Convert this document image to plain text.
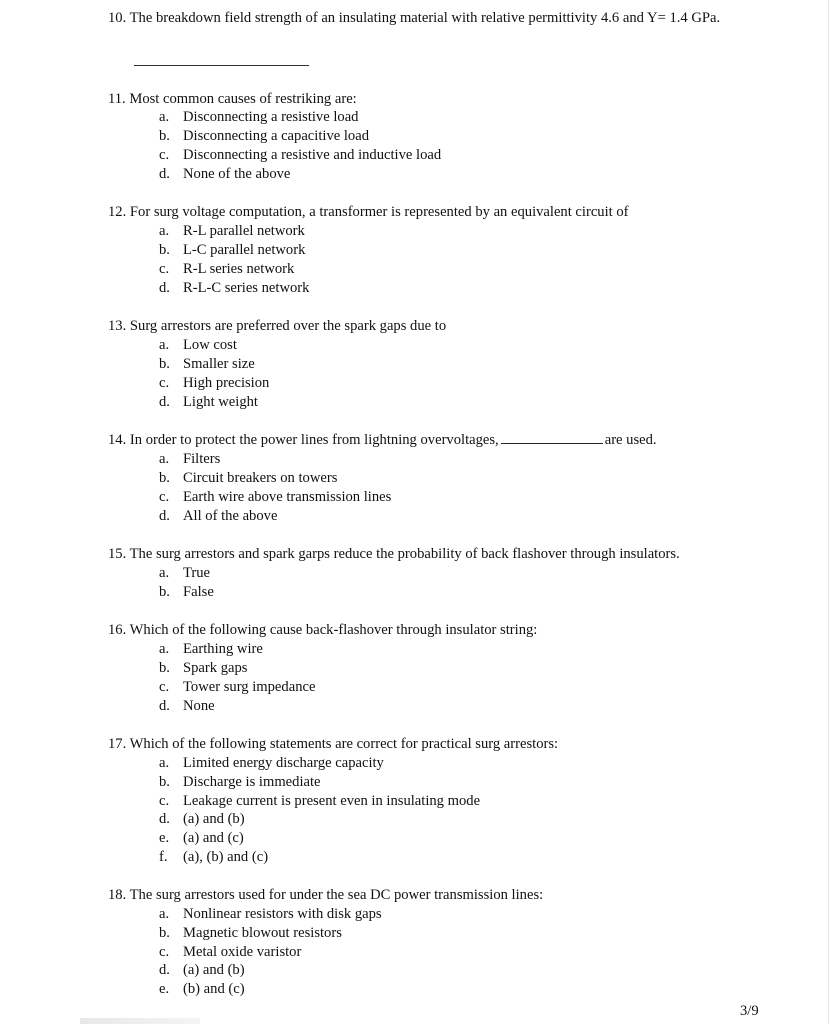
10. The breakdown field strength of an insulating material with relative permittivity 4.6 and Y= 1.4 GPa.
11. Most common causes of restriking are:
a. Disconnecting a resistive load
b. Disconnecting a capacitive load
c. Disconnecting a resistive and inductive load
d. None of the above
12. For surg voltage computation, a transformer is represented by an equivalent circuit of
a. R-L parallel network
b. L-C parallel network
c. R-L series network
d. R-L-C series network
13. Surg arrestors are preferred over the spark gaps due to
a. Low cost
b. Smaller size
c. High precision
d. Light weight
14. In order to protect the power lines from lightning overvoltages,	are used.
a. Filters
b. Circuit breakers on towers
c. Earth wire above transmission lines
d. All of the above
15. The surg arrestors and spark garps reduce the probability of back flashover through insulators.
a. True
b. False
16. Which of the following cause back-flashover through insulator string:
a. Earthing wire
b. Spark gaps
c. Tower surg impedance
d. None
17. Which of the following statements are correct for practical surg arrestors:
a. Limited energy discharge capacity
b. Discharge is immediate
c. Leakage current is present even in insulating mode
d. (a) and (b)
e. (a) and (c)
f. (a), (b) and (c)
18. The surg arrestors used for under the sea DC power transmission lines:
a. Nonlinear resistors with disk gaps
b. Magnetic blowout resistors
c. Metal oxide varistor
d. (a) and (b)
e. (b) and (c)
3/9
